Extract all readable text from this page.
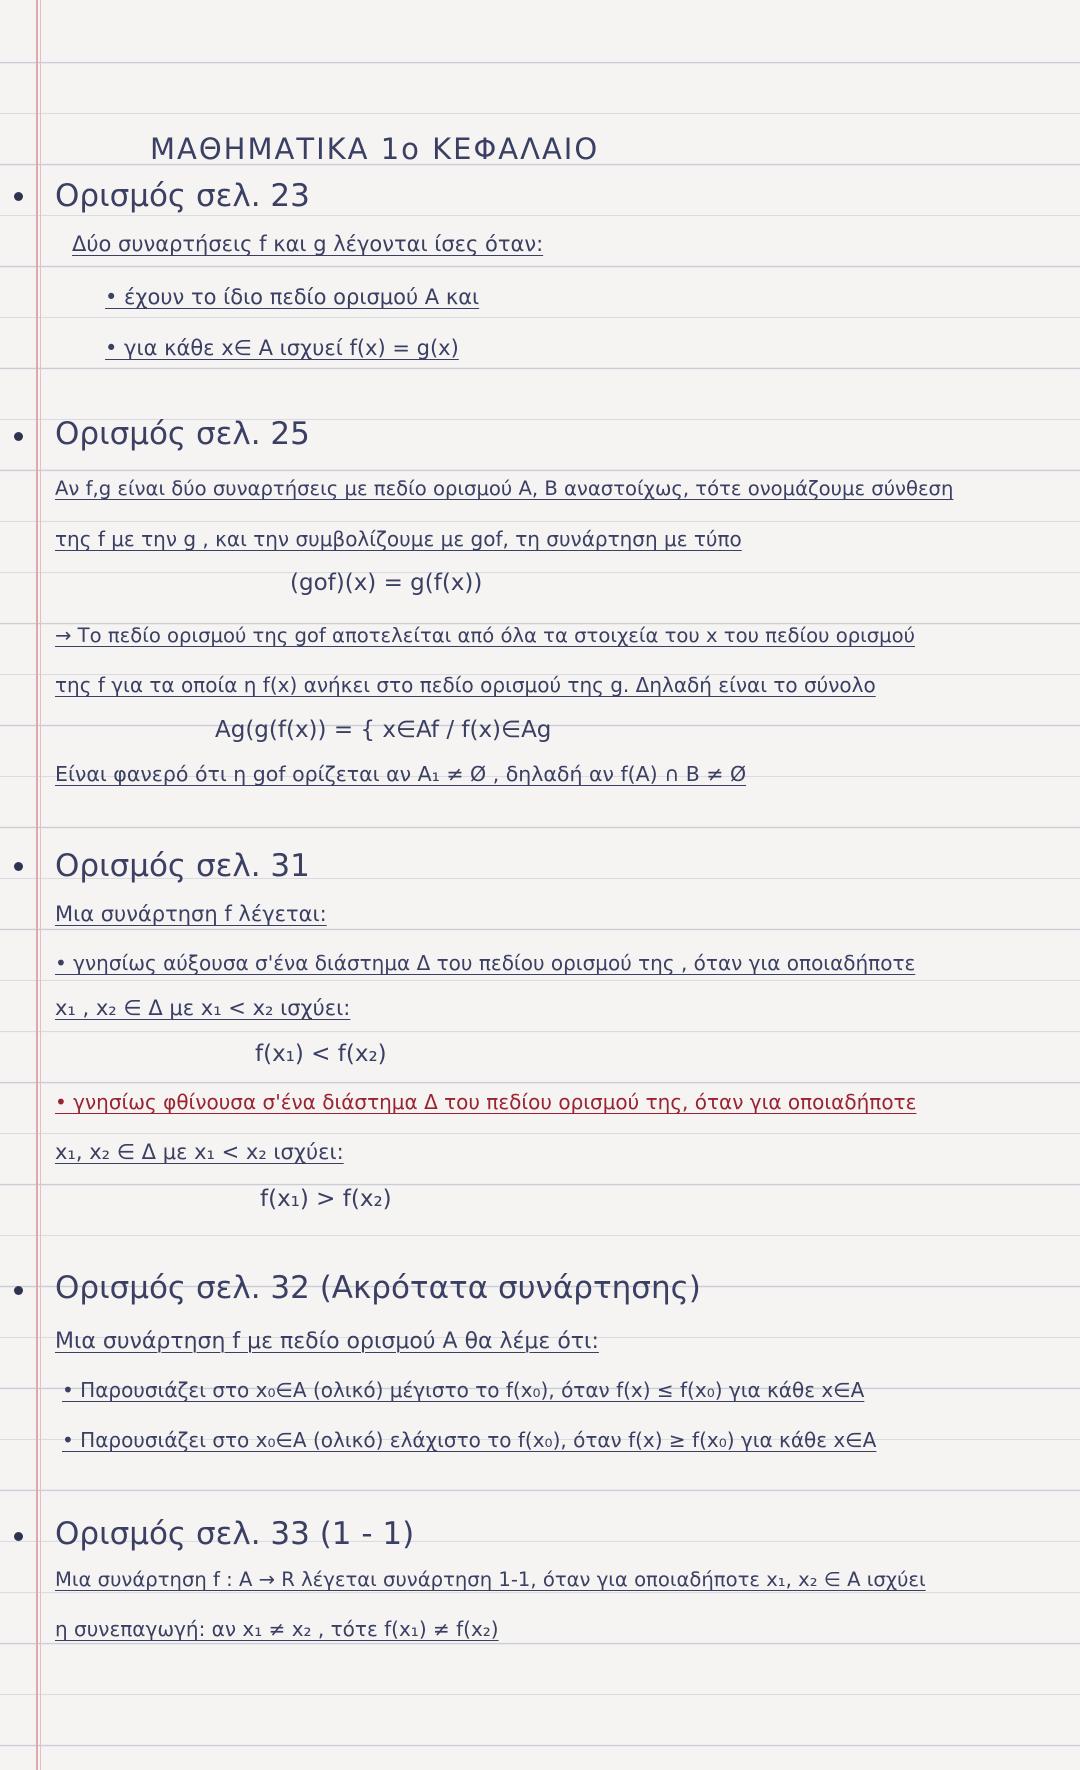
ΜΑΘΗΜΑΤΙΚΑ 1ο ΚΕΦΑΛΑΙΟ
Ορισμός σελ. 23
Δύο συναρτήσεις f και g λέγονται ίσες όταν:
• έχουν το ίδιο πεδίο ορισμού Α και
• για κάθε x∈ A ισχυεί f(x) = g(x)
Ορισμός σελ. 25
Αν f,g είναι δύο συναρτήσεις με πεδίο ορισμού Α, Β αναστοίχως, τότε ονομάζουμε σύνθεση
της f με την g , και την συμβολίζουμε με gof, τη συνάρτηση με τύπο
(gof)(x) = g(f(x))
→ Το πεδίο ορισμού της gof αποτελείται από όλα τα στοιχεία του x του πεδίου ορισμού
της f για τα οποία η f(x) ανήκει στο πεδίο ορισμού της g. Δηλαδή είναι το σύνολο
Ag(g(f(x)) = { x∈Af / f(x)∈Ag
Είναι φανερό ότι η gof ορίζεται αν A₁ ≠ Ø , δηλαδή αν f(A) ∩ B ≠ Ø
Ορισμός σελ. 31
Μια συνάρτηση f λέγεται:
• γνησίως αύξουσα σ'ένα διάστημα Δ του πεδίου ορισμού της , όταν για οποιαδήποτε
x₁ , x₂ ∈ Δ με x₁ < x₂ ισχύει:
f(x₁) < f(x₂)
• γνησίως φθίνουσα σ'ένα διάστημα Δ του πεδίου ορισμού της, όταν για οποιαδήποτε
x₁, x₂ ∈ Δ με x₁ < x₂ ισχύει:
f(x₁) > f(x₂)
Ορισμός σελ. 32 (Ακρότατα συνάρτησης)
Μια συνάρτηση f με πεδίο ορισμού Α θα λέμε ότι:
• Παρουσιάζει στο x₀∈A (ολικό) μέγιστο το f(x₀), όταν f(x) ≤ f(x₀) για κάθε x∈A
• Παρουσιάζει στο x₀∈A (ολικό) ελάχιστο το f(x₀), όταν f(x) ≥ f(x₀) για κάθε x∈A
Ορισμός σελ. 33 (1 - 1)
Μια συνάρτηση f : A → R λέγεται συνάρτηση 1-1, όταν για οποιαδήποτε x₁, x₂ ∈ A ισχύει
η συνεπαγωγή: αν x₁ ≠ x₂ , τότε f(x₁) ≠ f(x₂)
